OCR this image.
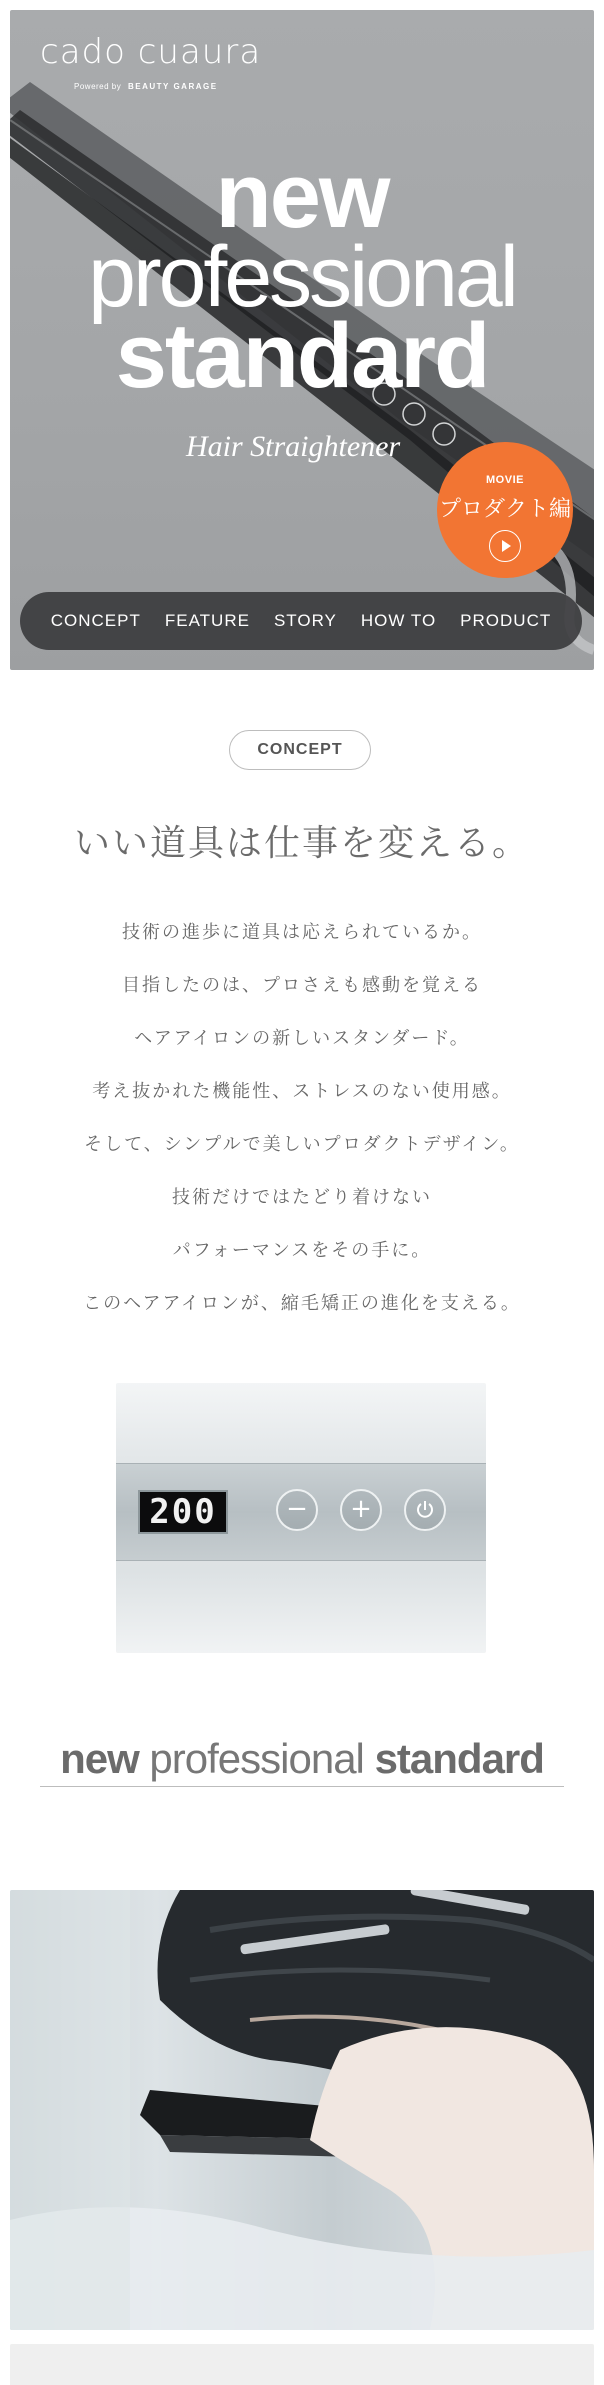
cado cuaura
Powered by BEAUTY GARAGE
new
professional
standard
Hair Straightener
MOVIE
プロダクト編
CONCEPT FEATURE STORY HOW TO PRODUCT
CONCEPT
いい道具は仕事を変える。
技術の進歩に道具は応えられているか。
目指したのは、プロさえも感動を覚える
ヘアアイロンの新しいスタンダード。
考え抜かれた機能性、ストレスのない使用感。
そして、シンプルで美しいプロダクトデザイン。
技術だけではたどり着けない
パフォーマンスをその手に。
このヘアアイロンが、縮毛矯正の進化を支える。
200	−	+
new professional standard
